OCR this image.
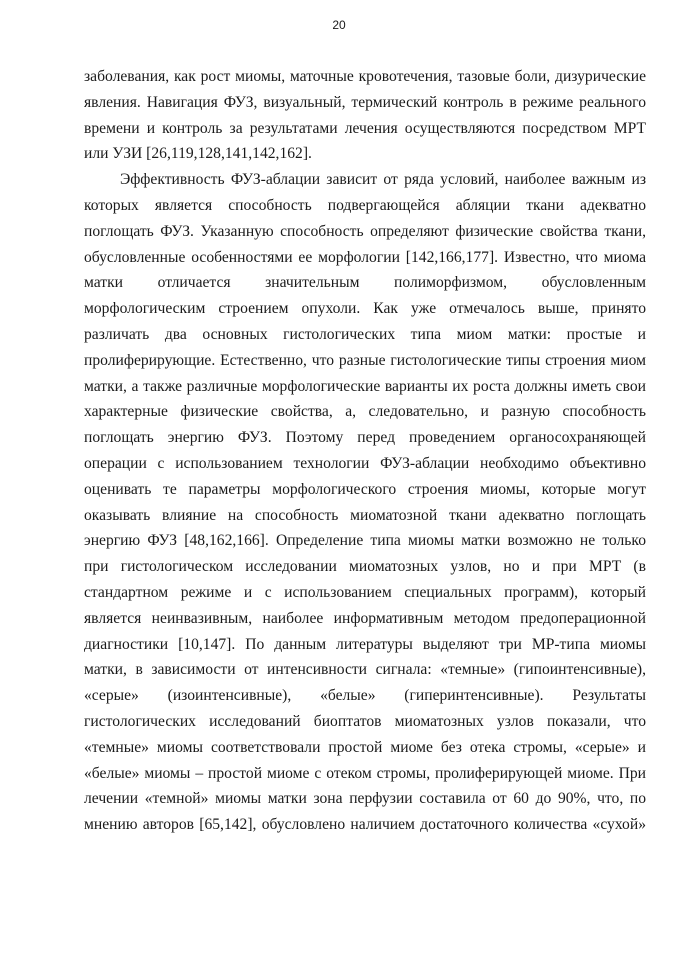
20
заболевания, как рост миомы, маточные кровотечения, тазовые боли, дизурические
явления. Навигация ФУЗ, визуальный, термический контроль в режиме реального
времени и контроль за результатами лечения осуществляются посредством МРТ
или УЗИ [26,119,128,141,142,162].
Эффективность ФУЗ-аблации зависит от ряда условий, наиболее важным из
которых является способность подвергающейся абляции ткани адекватно
поглощать ФУЗ. Указанную способность определяют физические свойства ткани,
обусловленные особенностями ее морфологии [142,166,177]. Известно, что миома
матки отличается значительным полиморфизмом, обусловленным
морфологическим строением опухоли. Как уже отмечалось выше, принято
различать два основных гистологических типа миом матки: простые и
пролиферирующие. Естественно, что разные гистологические типы строения миом
матки, а также различные морфологические варианты их роста должны иметь свои
характерные физические свойства, а, следовательно, и разную способность
поглощать энергию ФУЗ. Поэтому перед проведением органосохраняющей
операции с использованием технологии ФУЗ-аблации необходимо объективно
оценивать те параметры морфологического строения миомы, которые могут
оказывать влияние на способность миоматозной ткани адекватно поглощать
энергию ФУЗ [48,162,166]. Определение типа миомы матки возможно не только
при гистологическом исследовании миоматозных узлов, но и при МРТ (в
стандартном режиме и с использованием специальных программ), который
является неинвазивным, наиболее информативным методом предоперационной
диагностики [10,147]. По данным литературы выделяют три МР-типа миомы
матки, в зависимости от интенсивности сигнала: «темные» (гипоинтенсивные),
«серые» (изоинтенсивные), «белые» (гиперинтенсивные). Результаты
гистологических исследований биоптатов миоматозных узлов показали, что
«темные» миомы соответствовали простой миоме без отека стромы, «серые» и
«белые» миомы – простой миоме с отеком стромы, пролиферирующей миоме. При
лечении «темной» миомы матки зона перфузии составила от 60 до 90%, что, по
мнению авторов [65,142], обусловлено наличием достаточного количества «сухой»
